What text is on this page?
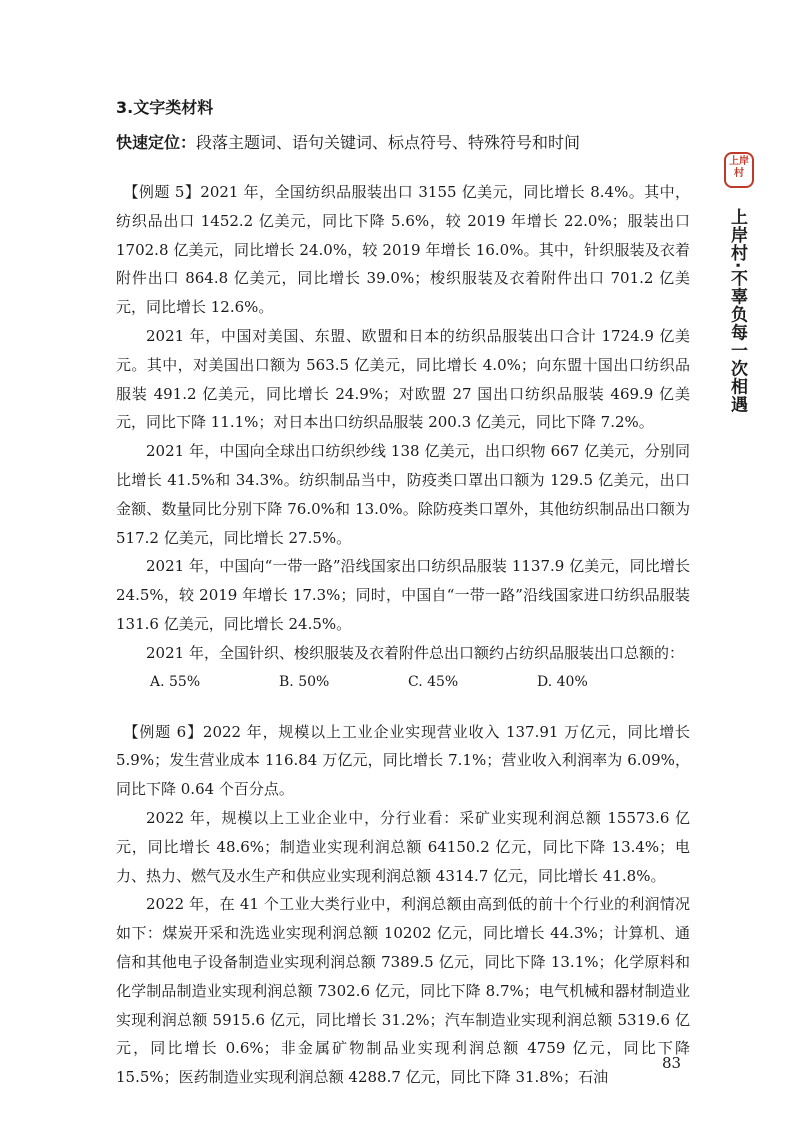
3.文字类材料

快速定位：段落主题词、语句关键词、标点符号、特殊符号和时间

【例题 5】2021 年，全国纺织品服装出口 3155 亿美元，同比增长 8.4%。其中，纺织品出口 1452.2 亿美元，同比下降 5.6%，较 2019 年增长 22.0%；服装出口 1702.8 亿美元，同比增长 24.0%，较 2019 年增长 16.0%。其中，针织服装及衣着附件出口 864.8 亿美元，同比增长 39.0%；梭织服装及衣着附件出口 701.2 亿美元，同比增长 12.6%。

2021 年，中国对美国、东盟、欧盟和日本的纺织品服装出口合计 1724.9 亿美元。其中，对美国出口额为 563.5 亿美元，同比增长 4.0%；向东盟十国出口纺织品服装 491.2 亿美元，同比增长 24.9%；对欧盟 27 国出口纺织品服装 469.9 亿美元，同比下降 11.1%；对日本出口纺织品服装 200.3 亿美元，同比下降 7.2%。

2021 年，中国向全球出口纺织纱线 138 亿美元，出口织物 667 亿美元，分别同比增长 41.5%和 34.3%。纺织制品当中，防疫类口罩出口额为 129.5 亿美元，出口金额、数量同比分别下降 76.0%和 13.0%。除防疫类口罩外，其他纺织制品出口额为 517.2 亿美元，同比增长 27.5%。

2021 年，中国向“一带一路”沿线国家出口纺织品服装 1137.9 亿美元，同比增长 24.5%，较 2019 年增长 17.3%；同时，中国自“一带一路”沿线国家进口纺织品服装 131.6 亿美元，同比增长 24.5%。

2021 年，全国针织、梭织服装及衣着附件总出口额约占纺织品服装出口总额的：

A. 55%	B. 50%	C. 45%	D. 40%

【例题 6】2022 年，规模以上工业企业实现营业收入 137.91 万亿元，同比增长 5.9%；发生营业成本 116.84 万亿元，同比增长 7.1%；营业收入利润率为 6.09%，同比下降 0.64 个百分点。

2022 年，规模以上工业企业中，分行业看：采矿业实现利润总额 15573.6 亿元，同比增长 48.6%；制造业实现利润总额 64150.2 亿元，同比下降 13.4%；电力、热力、燃气及水生产和供应业实现利润总额 4314.7 亿元，同比增长 41.8%。

2022 年，在 41 个工业大类行业中，利润总额由高到低的前十个行业的利润情况如下：煤炭开采和洗选业实现利润总额 10202 亿元，同比增长 44.3%；计算机、通信和其他电子设备制造业实现利润总额 7389.5 亿元，同比下降 13.1%；化学原料和化学制品制造业实现利润总额 7302.6 亿元，同比下降 8.7%；电气机械和器材制造业实现利润总额 5915.6 亿元，同比增长 31.2%；汽车制造业实现利润总额 5319.6 亿元，同比增长 0.6%；非金属矿物制品业实现利润总额 4759 亿元，同比下降 15.5%；医药制造业实现利润总额 4288.7 亿元，同比下降 31.8%；石油

上岸
村
上岸村·不辜负每一次相遇
83
